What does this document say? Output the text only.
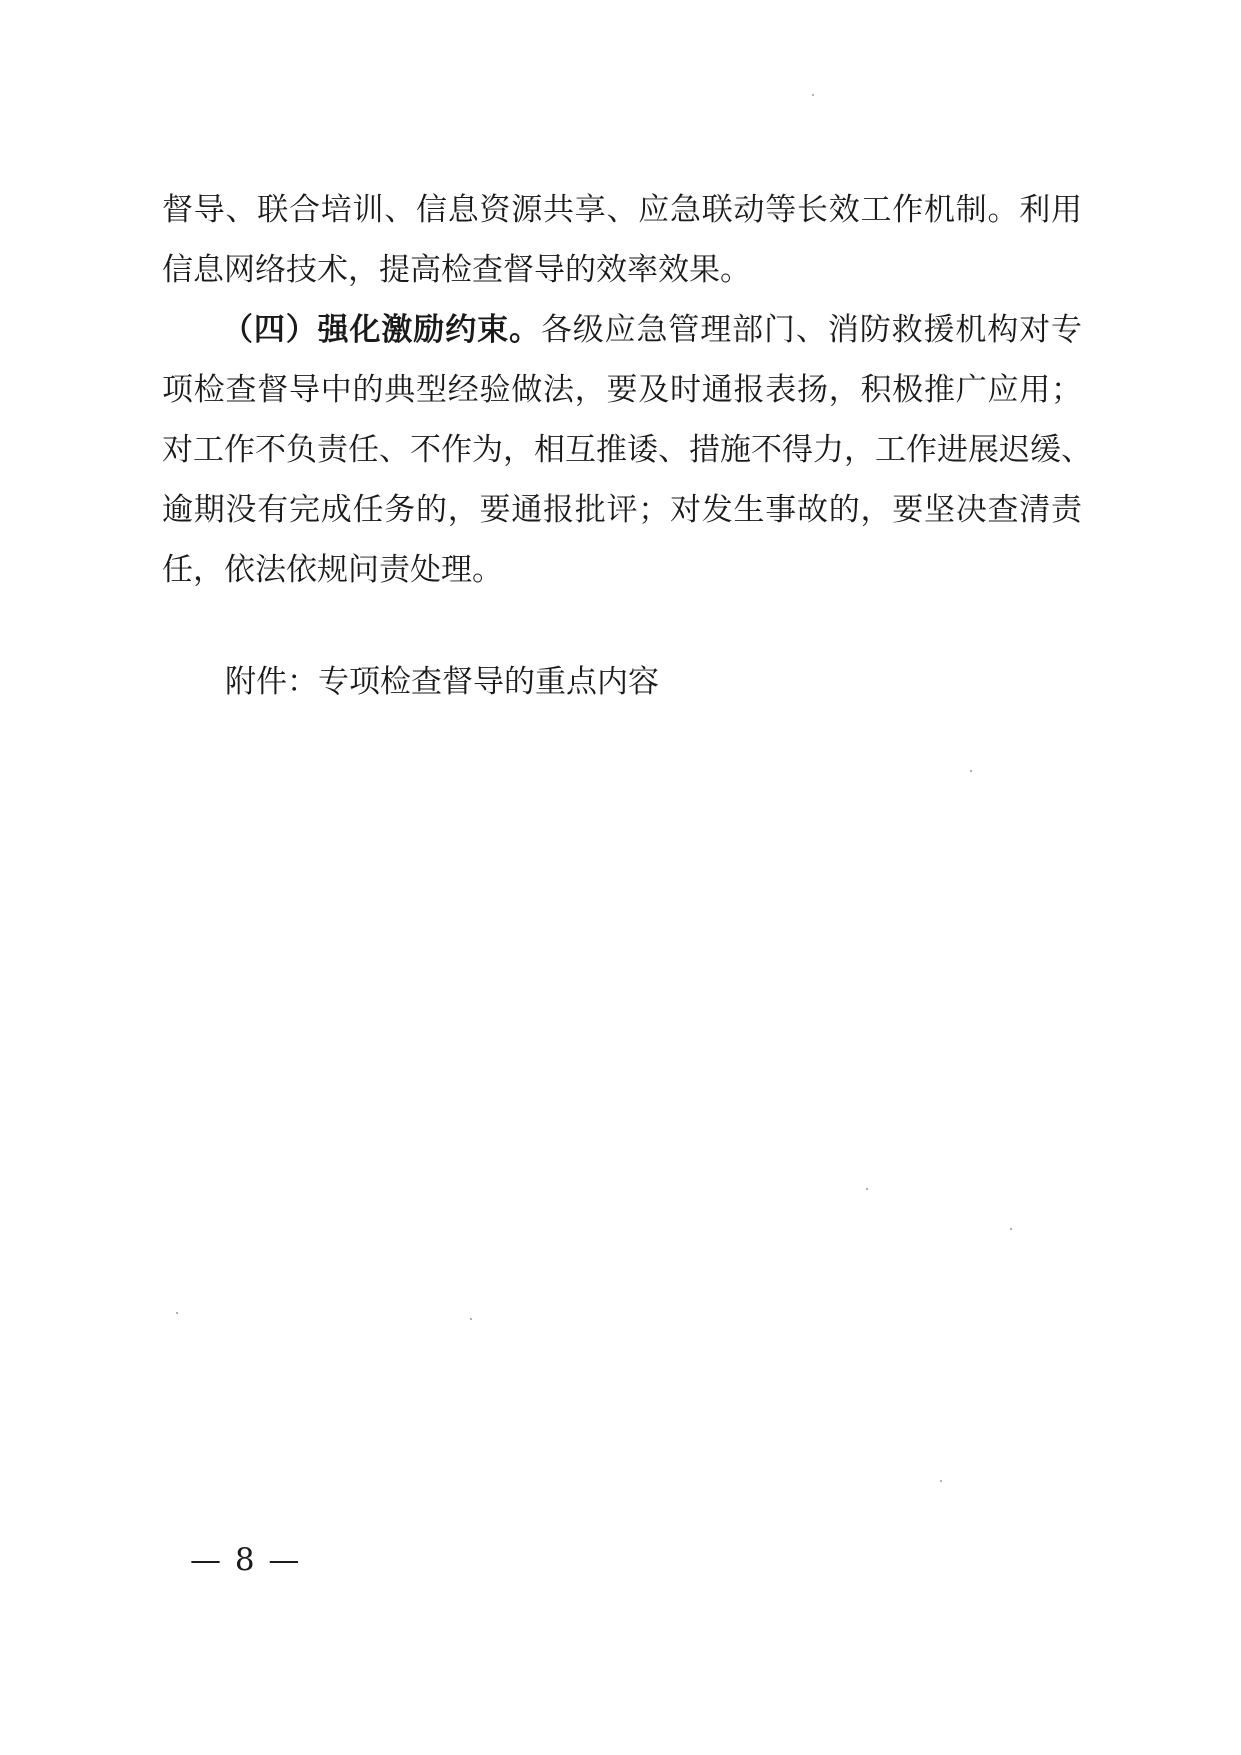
督导、联合培训、信息资源共享、应急联动等长效工作机制。利用
信息网络技术，提高检查督导的效率效果。
（四）强化激励约束。各级应急管理部门、消防救援机构对专
项检查督导中的典型经验做法，要及时通报表扬，积极推广应用；
对工作不负责任、不作为，相互推诿、措施不得力，工作进展迟缓、
逾期没有完成任务的，要通报批评；对发生事故的，要坚决查清责
任，依法依规问责处理。
附件：专项检查督导的重点内容
— 8 —
